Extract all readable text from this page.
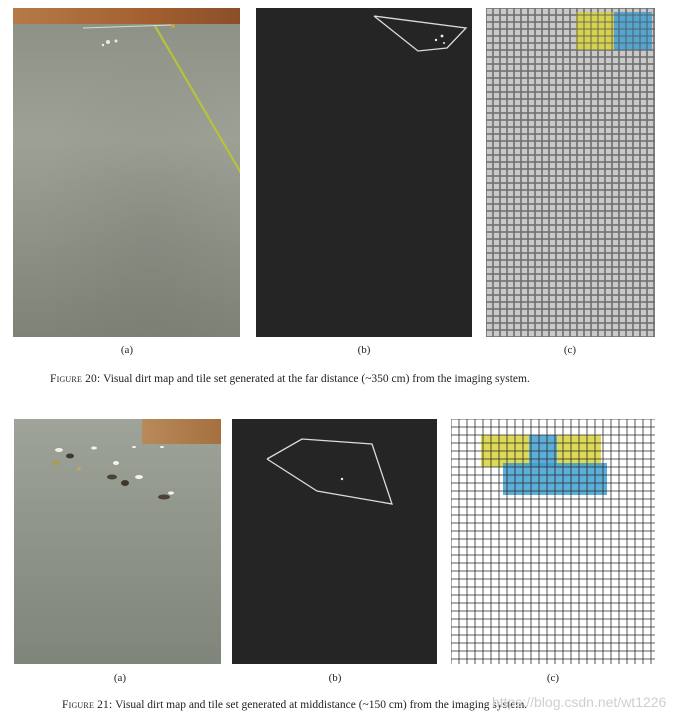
(a)	(b)	(c)
Figure 20: Visual dirt map and tile set generated at the far distance (~350 cm) from the imaging system.
(a)	(b)	(c)
Figure 21: Visual dirt map and tile set generated at middistance (~150 cm) from the imaging system.
https://blog.csdn.net/wt1226
